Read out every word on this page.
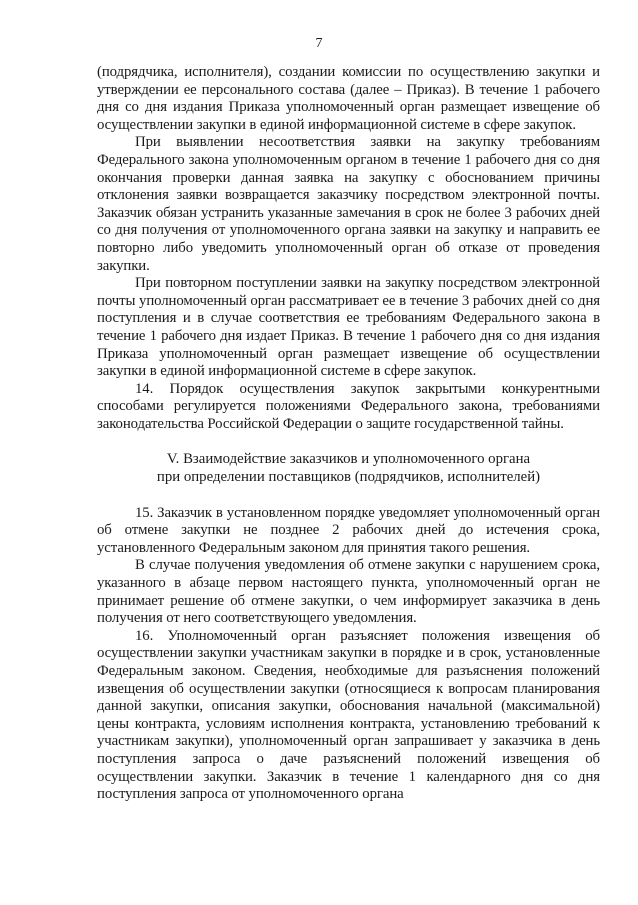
7

(подрядчика, исполнителя), создании комиссии по осуществлению закупки и утверждении ее персонального состава (далее – Приказ). В течение 1 рабочего дня со дня издания Приказа уполномоченный орган размещает извещение об осуществлении закупки в единой информационной системе в сфере закупок.

При выявлении несоответствия заявки на закупку требованиям Федерального закона уполномоченным органом в течение 1 рабочего дня со дня окончания проверки данная заявка на закупку с обоснованием причины отклонения заявки возвращается заказчику посредством электронной почты. Заказчик обязан устранить указанные замечания в срок не более 3 рабочих дней со дня получения от уполномоченного органа заявки на закупку и направить ее повторно либо уведомить уполномоченный орган об отказе от проведения закупки.

При повторном поступлении заявки на закупку посредством электронной почты уполномоченный орган рассматривает ее в течение 3 рабочих дней со дня поступления и в случае соответствия ее требованиям Федерального закона в течение 1 рабочего дня издает Приказ. В течение 1 рабочего дня со дня издания Приказа уполномоченный орган размещает извещение об осуществлении закупки в единой информационной системе в сфере закупок.

14. Порядок осуществления закупок закрытыми конкурентными способами регулируется положениями Федерального закона, требованиями законодательства Российской Федерации о защите государственной тайны.

V. Взаимодействие заказчиков и уполномоченного органа
при определении поставщиков (подрядчиков, исполнителей)

15. Заказчик в установленном порядке уведомляет уполномоченный орган об отмене закупки не позднее 2 рабочих дней до истечения срока, установленного Федеральным законом для принятия такого решения.

В случае получения уведомления об отмене закупки с нарушением срока, указанного в абзаце первом настоящего пункта, уполномоченный орган не принимает решение об отмене закупки, о чем информирует заказчика в день получения от него соответствующего уведомления.

16. Уполномоченный орган разъясняет положения извещения об осуществлении закупки участникам закупки в порядке и в срок, установленные Федеральным законом. Сведения, необходимые для разъяснения положений извещения об осуществлении закупки (относящиеся к вопросам планирования данной закупки, описания закупки, обоснования начальной (максимальной) цены контракта, условиям исполнения контракта, установлению требований к участникам закупки), уполномоченный орган запрашивает у заказчика в день поступления запроса о даче разъяснений положений извещения об осуществлении закупки. Заказчик в течение 1 календарного дня со дня поступления запроса от уполномоченного органа
